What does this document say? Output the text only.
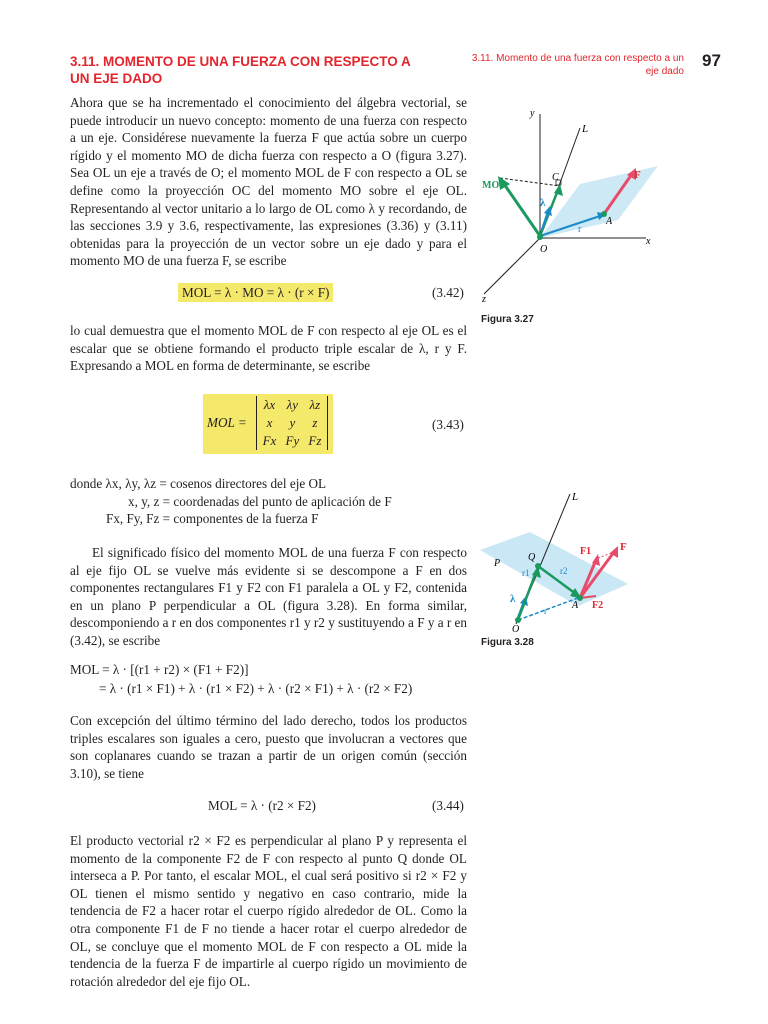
3.11. MOMENTO DE UNA FUERZA CON RESPECTO A UN EJE DADO
3.11. Momento de una fuerza con respecto a un eje dado
97

Ahora que se ha incrementado el conocimiento del álgebra vectorial, se puede introducir un nuevo concepto: momento de una fuerza con respecto a un eje. Considérese nuevamente la fuerza F que actúa sobre un cuerpo rígido y el momento MO de dicha fuerza con respecto a O (figura 3.27). Sea OL un eje a través de O; el momento MOL de F con respecto a OL se define como la proyección OC del momento MO sobre el eje OL. Representando al vector unitario a lo largo de OL como λ y recordando, de las secciones 3.9 y 3.6, respectivamente, las expresiones (3.36) y (3.11) obtenidas para la proyección de un vector sobre un eje dado y para el momento MO de una fuerza F, se escribe

MOL = λ · MO = λ · (r × F)	(3.42)

lo cual demuestra que el momento MOL de F con respecto al eje OL es el escalar que se obtiene formando el producto triple escalar de λ, r y F. Expresando a MOL en forma de determinante, se escribe

MOL =
λx λy λz
x y z
Fx Fy Fz
(3.43)
donde λx, λy, λz = cosenos directores del eje OL
x, y, z = coordenadas del punto de aplicación de F
Fx, Fy, Fz = componentes de la fuerza F

El significado físico del momento MOL de una fuerza F con respecto al eje fijo OL se vuelve más evidente si se descompone a F en dos componentes rectangulares F1 y F2 con F1 paralela a OL y F2, contenida en un plano P perpendicular a OL (figura 3.28). En forma similar, descomponiendo a r en dos componentes r1 y r2 y sustituyendo a F y a r en (3.42), se escribe

MOL = λ · [(r1 + r2) × (F1 + F2)]
= λ · (r1 × F1) + λ · (r1 × F2) + λ · (r2 × F1) + λ · (r2 × F2)

Con excepción del último término del lado derecho, todos los productos triples escalares son iguales a cero, puesto que involucran a vectores que son coplanares cuando se trazan a partir de un origen común (sección 3.10), se tiene

MOL = λ · (r2 × F2)	(3.44)

El producto vectorial r2 × F2 es perpendicular al plano P y representa el momento de la componente F2 de F con respecto al punto Q donde OL interseca a P. Por tanto, el escalar MOL, el cual será positivo si r2 × F2 y OL tienen el mismo sentido y negativo en caso contrario, mide la tendencia de F2 a hacer rotar el cuerpo rígido alrededor de OL. Como la otra componente F1 de F no tiende a hacer rotar el cuerpo alrededor de OL, se concluye que el momento MOL de F con respecto a OL mide la tendencia de la fuerza F de impartirle al cuerpo rígido un movimiento de rotación alrededor del eje fijo OL.

y
L
MO
C	F
λ
A
r
O
x
z
Figura 3.27
L
F1	F
P
Q
r1	r2
λ
A F2
r
O
Figura 3.28
